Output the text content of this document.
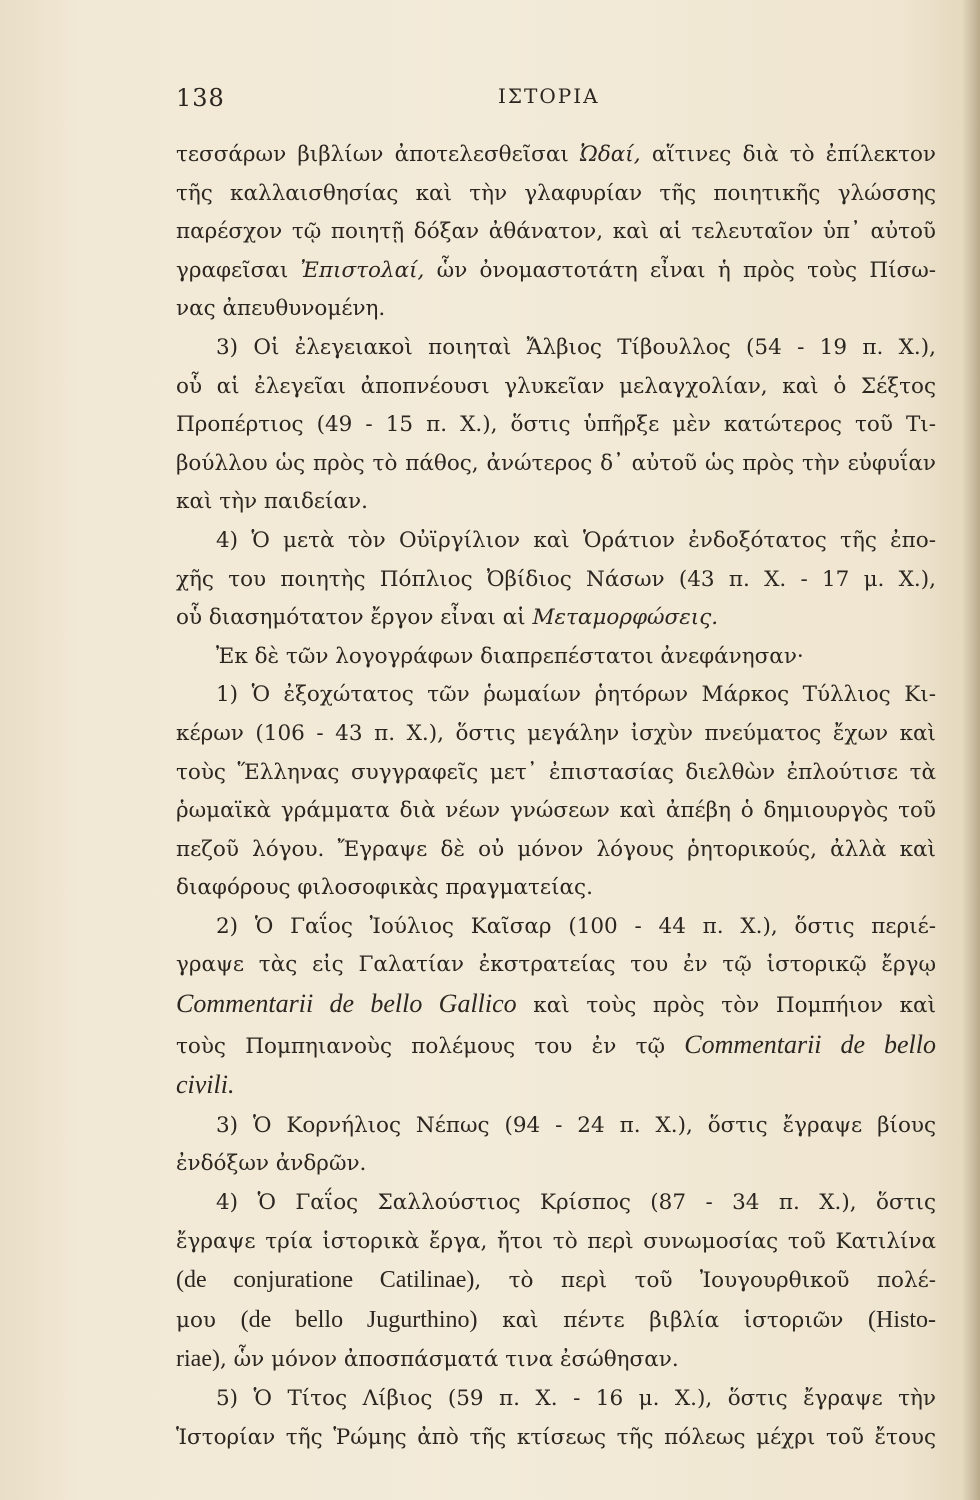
138	ΙΣΤΟΡΙΑ
τεσσάρων βιβλίων ἀποτελεσθεῖσαι Ὠδαί, αἵτινες διὰ τὸ ἐπίλεκτον
τῆς καλλαισθησίας καὶ τὴν γλαφυρίαν τῆς ποιητικῆς γλώσσης
παρέσχον τῷ ποιητῇ δόξαν ἀθάνατον, καὶ αἱ τελευταῖον ὑπ᾽ αὐτοῦ
γραφεῖσαι Ἐπιστολαί, ὧν ὀνομαστοτάτη εἶναι ἡ πρὸς τοὺς Πίσω-
νας ἀπευθυνομένη.
3) Οἱ ἐλεγειακοὶ ποιηταὶ Ἄλβιος Τίβουλλος (54 - 19 π. Χ.),
οὗ αἱ ἐλεγεῖαι ἀποπνέουσι γλυκεῖαν μελαγχολίαν, καὶ ὁ Σέξτος
Προπέρτιος (49 - 15 π. Χ.), ὅστις ὑπῆρξε μὲν κατώτερος τοῦ Τι-
βούλλου ὡς πρὸς τὸ πάθος, ἀνώτερος δ᾽ αὐτοῦ ὡς πρὸς τὴν εὐφυΐαν
καὶ τὴν παιδείαν.
4) Ὁ μετὰ τὸν Οὐϊργίλιον καὶ Ὁράτιον ἐνδοξότατος τῆς ἐπο-
χῆς του ποιητὴς Πόπλιος Ὀβίδιος Νάσων (43 π. Χ. - 17 μ. Χ.),
οὗ διασημότατον ἔργον εἶναι αἱ Μεταμορφώσεις.
Ἐκ δὲ τῶν λογογράφων διαπρεπέστατοι ἀνεφάνησαν·
1) Ὁ ἐξοχώτατος τῶν ῥωμαίων ῥητόρων Μάρκος Τύλλιος Κι-
κέρων (106 - 43 π. Χ.), ὅστις μεγάλην ἰσχὺν πνεύματος ἔχων καὶ
τοὺς Ἕλληνας συγγραφεῖς μετ᾽ ἐπιστασίας διελθὼν ἐπλούτισε τὰ
ῥωμαϊκὰ γράμματα διὰ νέων γνώσεων καὶ ἀπέβη ὁ δημιουργὸς τοῦ
πεζοῦ λόγου. Ἔγραψε δὲ οὐ μόνον λόγους ῥητορικούς, ἀλλὰ καὶ
διαφόρους φιλοσοφικὰς πραγματείας.
2) Ὁ Γαΐος Ἰούλιος Καῖσαρ (100 - 44 π. Χ.), ὅστις περιέ-
γραψε τὰς εἰς Γαλατίαν ἐκστρατείας του ἐν τῷ ἱστορικῷ ἔργῳ
Commentarii de bello Gallico καὶ τοὺς πρὸς τὸν Πομπήιον καὶ
τοὺς Πομπηιανοὺς πολέμους του ἐν τῷ Commentarii de bello
civili.
3) Ὁ Κορνήλιος Νέπως (94 - 24 π. Χ.), ὅστις ἔγραψε βίους
ἐνδόξων ἀνδρῶν.
4) Ὁ Γαΐος Σαλλούστιος Κρίσπος (87 - 34 π. Χ.), ὅστις
ἔγραψε τρία ἱστορικὰ ἔργα, ἤτοι τὸ περὶ συνωμοσίας τοῦ Κατιλίνα
(de conjuratione Catilinae), τὸ περὶ τοῦ Ἰουγουρθικοῦ πολέ-
μου (de bello Jugurthino) καὶ πέντε βιβλία ἱστοριῶν (Histo-
riae), ὧν μόνον ἀποσπάσματά τινα ἐσώθησαν.
5) Ὁ Τίτος Λίβιος (59 π. Χ. - 16 μ. Χ.), ὅστις ἔγραψε τὴν
Ἱστορίαν τῆς Ῥώμης ἀπὸ τῆς κτίσεως τῆς πόλεως μέχρι τοῦ ἔτους
